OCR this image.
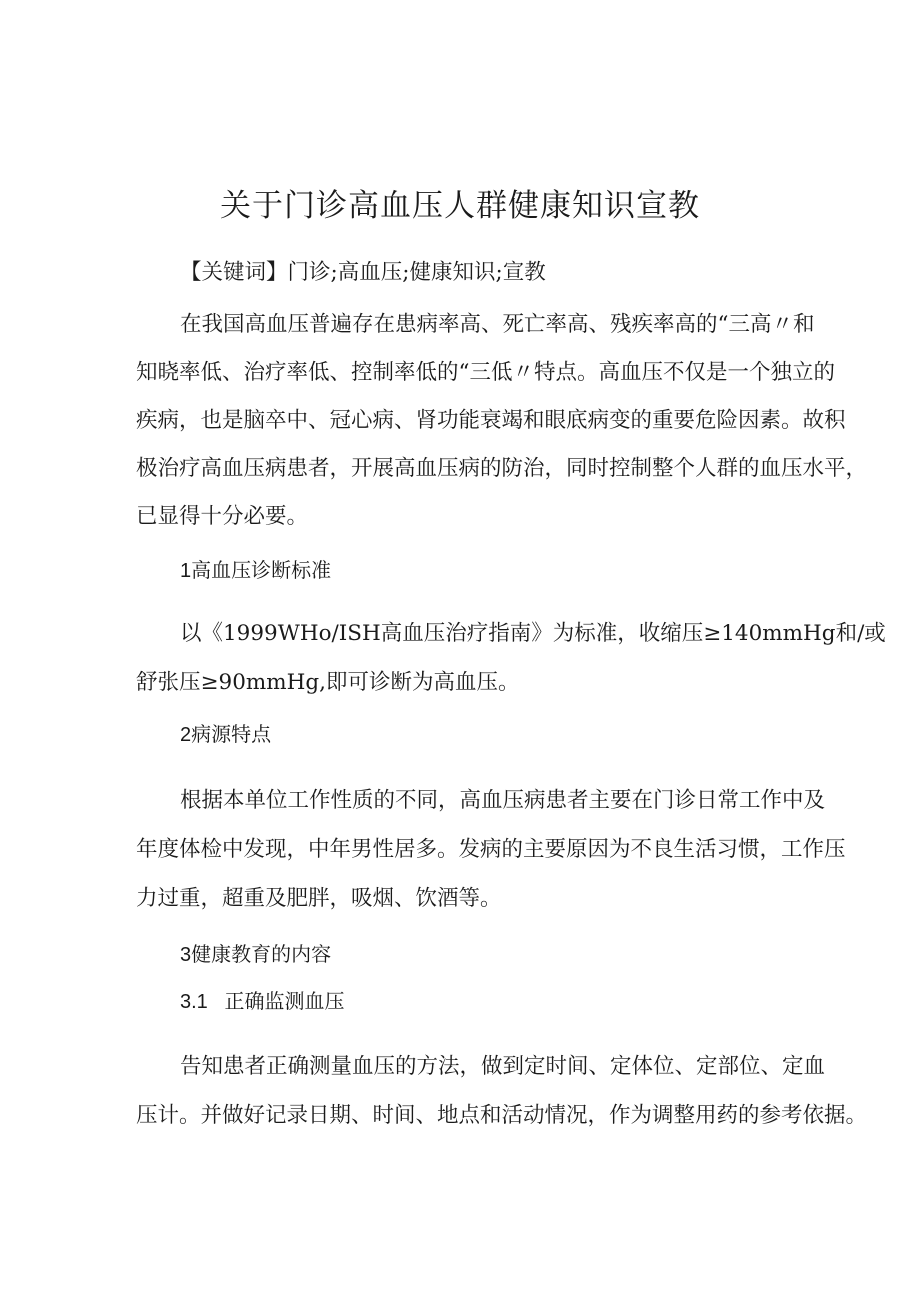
关于门诊高血压人群健康知识宣教
【关键词】门诊;高血压;健康知识;宣教
在我国高血压普遍存在患病率高、死亡率高、残疾率高的“三高〃和
知晓率低、治疗率低、控制率低的“三低〃特点。高血压不仅是一个独立的
疾病，也是脑卒中、冠心病、肾功能衰竭和眼底病变的重要危险因素。故积
极治疗高血压病患者，开展高血压病的防治，同时控制整个人群的血压水平，
已显得十分必要。
1高血压诊断标准
以《1999WHo/ISH高血压治疗指南》为标准，收缩压≥140mmHg和/或
舒张压≥90mmHg,即可诊断为高血压。
2病源特点
根据本单位工作性质的不同，高血压病患者主要在门诊日常工作中及
年度体检中发现，中年男性居多。发病的主要原因为不良生活习惯，工作压
力过重，超重及肥胖，吸烟、饮酒等。
3健康教育的内容
3.1   正确监测血压
告知患者正确测量血压的方法，做到定时间、定体位、定部位、定血
压计。并做好记录日期、时间、地点和活动情况，作为调整用药的参考依据。
